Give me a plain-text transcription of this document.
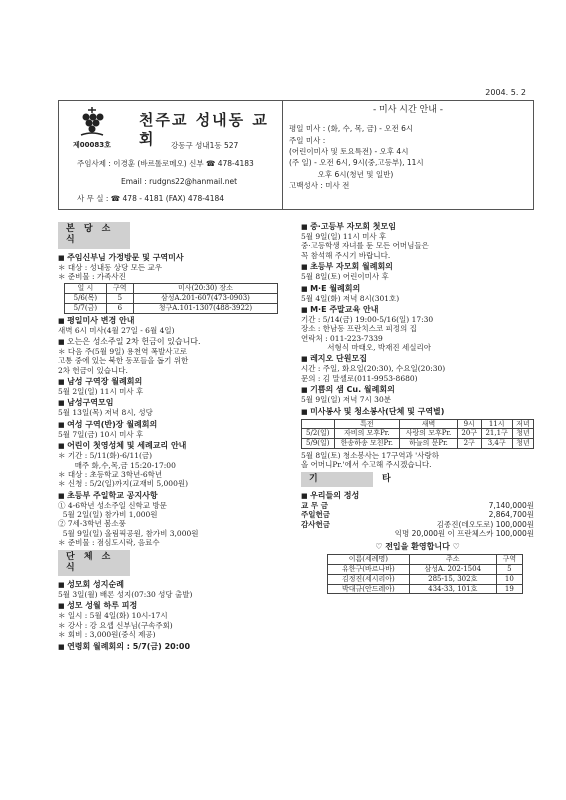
2004. 5. 2
천주교 성내동 교회
제00083호	강동구 성내1동 527
주임사제 : 이경훈 (바르톨로메오) 신부 ☎ 478-4183
Email : rudgns22@hanmail.net
사 무 실 : ☎ 478 - 4181 (FAX) 478-4184
- 미사 시간 안내 -
평일 미사 : (화, 수, 목, 금) - 오전 6시
주일 미사 :
(어린이미사 및 토요특전) - 오후 4시
(주 일) - 오전 6시, 9시(중,고등부), 11시
오후 6시(청년 및 일반)
고백성사 : 미사 전
본 당 소 식
■ 주임신부님 가정방문 및 구역미사
＊ 대상 : 성내동 상당 모든 교우
＊ 준비물 : 가족사진
일 시	구역	미사(20:30) 장소
5/6(목)	5	삼성A.201-607(473-0903)
5/7(금)	6	청구A.101-1307(488-3922)
■ 평일미사 변경 안내
새벽 6시 미사(4월 27일 - 6월 4일)
■ 오는은 성소주일 2차 헌금이 있습니다.
＊ 다음 주(5월 9일) 용천역 폭발사고로
고통 중에 있는 북한 동포들을 돕기 위한
2차 헌금이 있습니다.
■ 남성 구역장 월례회의
5월 2일(일) 11시 미사 후
■ 남성구역모임
5월 13일(목) 저녁 8시, 성당
■ 여성 구역(반)장 월례회의
5월 7일(금) 10시 미사 후
■ 어린이 첫영성체 및 세례교리 안내
＊ 기간 : 5/11(화)-6/11(금)
매주 화,수,목,금 15:20-17:00
＊ 대상 : 초등학교 3학년-6학년
＊ 신청 : 5/2(일)까지(교재비 5,000원)
■ 초등부 주일학교 공지사항
① 4-6학년 성소주일 신학교 방문
5월 2일(일) 참가비 1,000원
② 7세-3학년 봄소풍
5월 9일(일) 올림픽공원, 참가비 3,000원
＊ 준비물 : 점심도시락, 음료수
단 체 소 식
■ 성모회 성지순례
5월 3일(월) 배론 성지(07:30 성당 출발)
■ 성모 성월 하루 피정
＊ 일시 : 5월 4일(화) 10시-17시
＊ 강사 : 강 요셉 신부님(구속주회)
＊ 회비 : 3,000원(중식 제공)
■ 연령회 월례회의 : 5/7(금) 20:00
■ 중·고등부 자모회 첫모임
5월 9일(일) 11시 미사 후
중·고등학생 자녀를 둔 모든 어머님들은
꼭 참석해 주시기 바랍니다.
■ 초등부 자모회 월례회의
5월 8일(토) 어린이미사 후
■ M·E 월례회의
5월 4일(화) 저녁 8시(301호)
■ M·E 주말교육 안내
기간 : 5/14(금) 19:00-5/16(일) 17:30
장소 : 한남동 프란치스코 피정의 집
연락처 : 011-223-7339
서형식 마태오, 박재진 세실리아
■ 레지오 단원모집
시간 : 주일, 화요일(20:30), 수요일(20:30)
문의 : 김 말셀로(011-9953-8680)
■ 기쁨의 샘 Cu. 월례회의
5월 9일(일) 저녁 7시 30분
■ 미사봉사 및 청소봉사(단체 및 구역별)
	특전	새벽	9시	11시	저녁
5/2(일)	자비의 모후Pr.	사랑의 모후Pr.	20구	21,1구	청년
5/9(일)	한송하송 모친Pr.	하늘의 문Pr.	2구	3,4구	청년
5월 8일(토) 청소봉사는 17구역과 '사랑하
올 어머니Pr.'에서 수고해 주시겠습니다.
기          타
■ 우리들의 정성
교 무 금	7,140,000원
주일헌금	2,864,700원
감사헌금	김종진(데오도로) 100,000원
익명 20,000원 이 프란체스카 100,000원
♡ 전입을 환영합니다 ♡
이름(세례명)	주소	구역
유한구(바르나바)	삼성A. 202-1504	5
김정진(세시리아)	285-15, 302호	10
박대규(안드레아)	434-33, 101호	19
